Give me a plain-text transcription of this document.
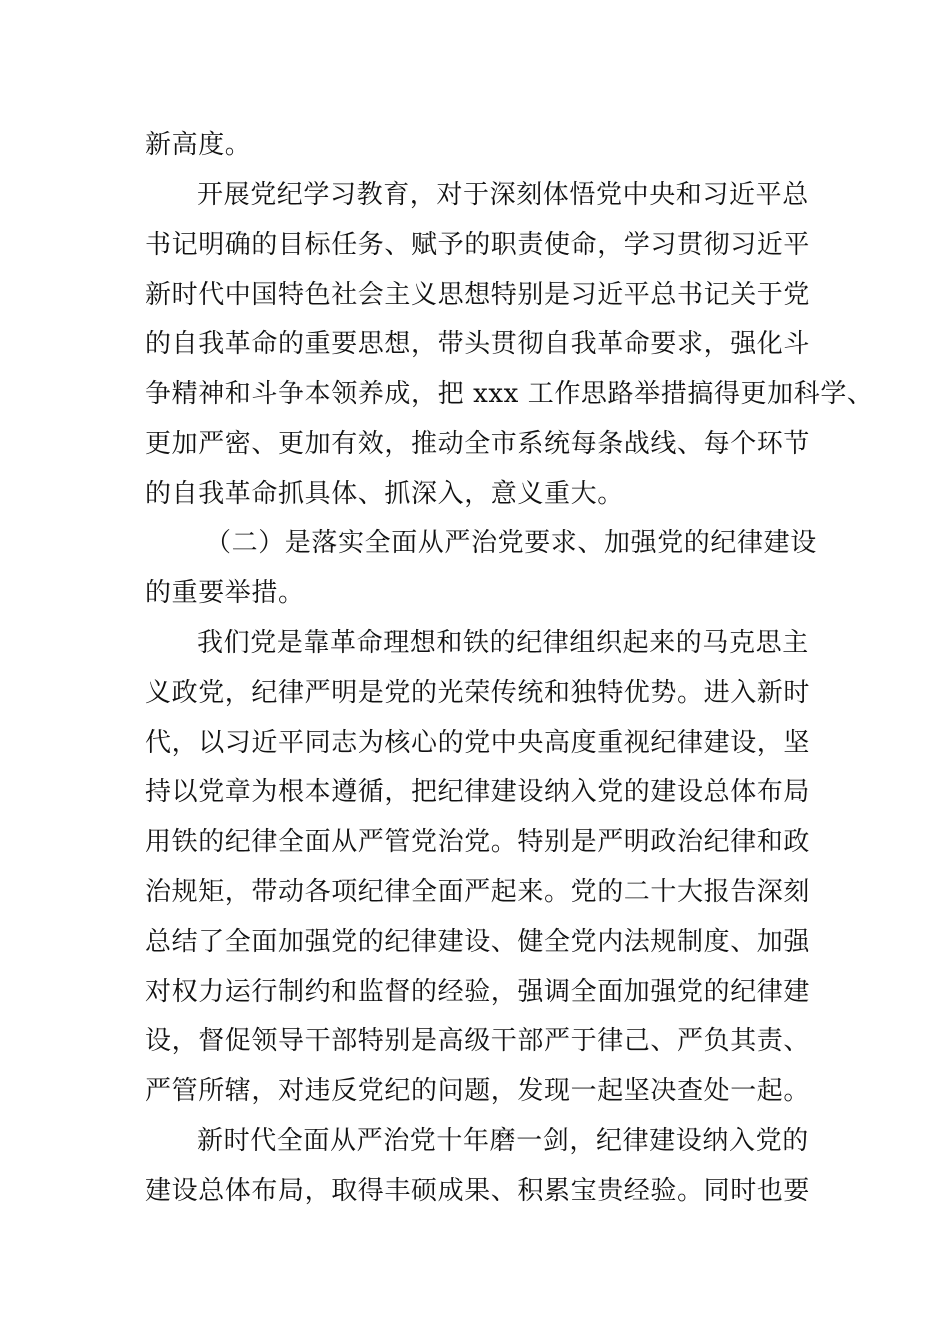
新高度。
开展党纪学习教育，对于深刻体悟党中央和习近平总
书记明确的目标任务、赋予的职责使命，学习贯彻习近平
新时代中国特色社会主义思想特别是习近平总书记关于党
的自我革命的重要思想，带头贯彻自我革命要求，强化斗
争精神和斗争本领养成，把 xxx 工作思路举措搞得更加科学、
更加严密、更加有效，推动全市系统每条战线、每个环节
的自我革命抓具体、抓深入，意义重大。
（二）是落实全面从严治党要求、加强党的纪律建设
的重要举措。
我们党是靠革命理想和铁的纪律组织起来的马克思主
义政党，纪律严明是党的光荣传统和独特优势。进入新时
代，以习近平同志为核心的党中央高度重视纪律建设，坚
持以党章为根本遵循，把纪律建设纳入党的建设总体布局
用铁的纪律全面从严管党治党。特别是严明政治纪律和政
治规矩，带动各项纪律全面严起来。党的二十大报告深刻
总结了全面加强党的纪律建设、健全党内法规制度、加强
对权力运行制约和监督的经验，强调全面加强党的纪律建
设，督促领导干部特别是高级干部严于律己、严负其责、
严管所辖，对违反党纪的问题，发现一起坚决查处一起。
新时代全面从严治党十年磨一剑，纪律建设纳入党的
建设总体布局，取得丰硕成果、积累宝贵经验。同时也要
